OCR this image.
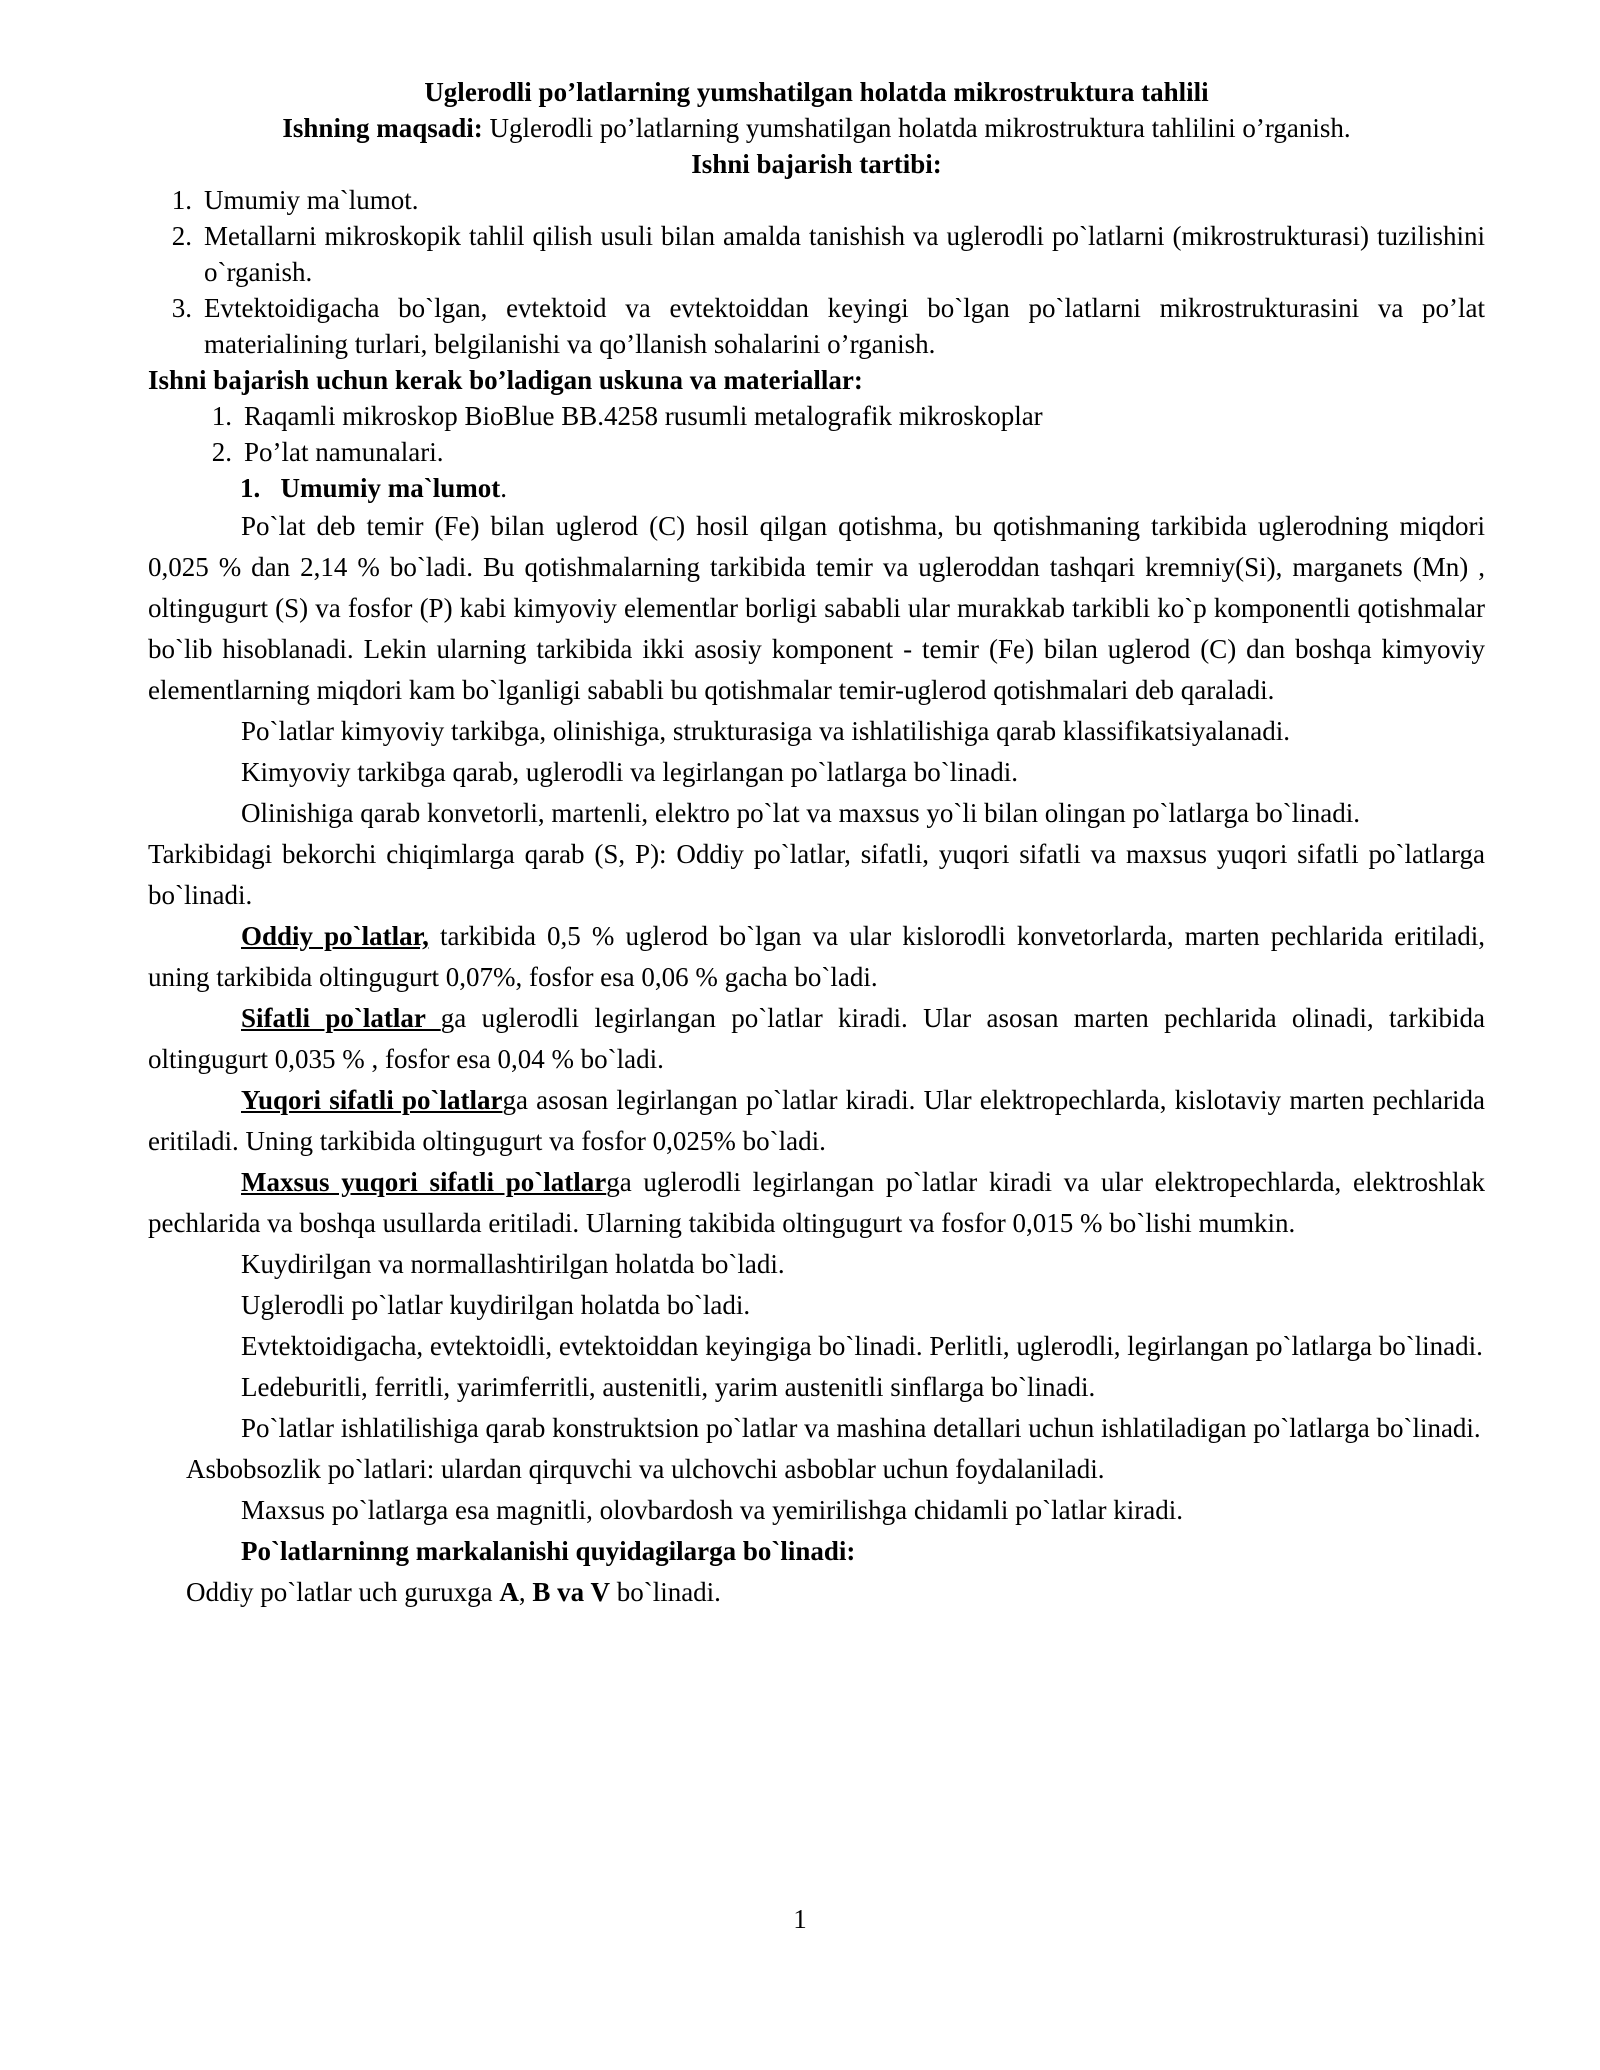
Uglerodli po’latlarning yumshatilgan holatda mikrostruktura tahlili

Ishning maqsadi: Uglerodli po’latlarning yumshatilgan holatda mikrostruktura tahlilini o’rganish.

Ishni bajarish tartibi:

1. Umumiy ma`lumot.
2. Metallarni mikroskopik tahlil qilish usuli bilan amalda tanishish va uglerodli po`latlarni (mikrostrukturasi) tuzilishini o`rganish.
3. Evtektoidigacha bo`lgan, evtektoid va evtektoiddan keyingi bo`lgan po`latlarni mikrostrukturasini va po’lat materialining turlari, belgilanishi va qo’llanish sohalarini o’rganish.

Ishni bajarish uchun kerak bo’ladigan uskuna va materiallar:

1. Raqamli mikroskop BioBlue BB.4258 rusumli metalografik mikroskoplar
2. Po’lat namunalari.

1. Umumiy ma`lumot.

Po`lat deb temir (Fe) bilan uglerod (C) hosil qilgan qotishma, bu qotishmaning tarkibida uglerodning miqdori 0,025 % dan 2,14 % bo`ladi. Bu qotishmalarning tarkibida temir va ugleroddan tashqari kremniy(Si), marganets (Mn) , oltingugurt (S) va fosfor (P) kabi kimyoviy elementlar borligi sababli ular murakkab tarkibli ko`p komponentli qotishmalar bo`lib hisoblanadi. Lekin ularning tarkibida ikki asosiy komponent - temir (Fe) bilan uglerod (C) dan boshqa kimyoviy elementlarning miqdori kam bo`lganligi sababli bu qotishmalar temir-uglerod qotishmalari deb qaraladi.

Po`latlar kimyoviy tarkibga, olinishiga, strukturasiga va ishlatilishiga qarab klassifikatsiyalanadi.

Kimyoviy tarkibga qarab, uglerodli va legirlangan po`latlarga bo`linadi.

Olinishiga qarab konvetorli, martenli, elektro po`lat va maxsus yo`li bilan olingan po`latlarga bo`linadi.

Tarkibidagi bekorchi chiqimlarga qarab (S, P): Oddiy po`latlar, sifatli, yuqori sifatli va maxsus yuqori sifatli po`latlarga bo`linadi.

Oddiy po`latlar, tarkibida 0,5 % uglerod bo`lgan va ular kislorodli konvetorlarda, marten pechlarida eritiladi, uning tarkibida oltingugurt 0,07%, fosfor esa 0,06 % gacha bo`ladi.

Sifatli po`latlar ga uglerodli legirlangan po`latlar kiradi. Ular asosan marten pechlarida olinadi, tarkibida oltingugurt 0,035 % , fosfor esa 0,04 % bo`ladi.

Yuqori sifatli po`latlarga asosan legirlangan po`latlar kiradi. Ular elektropechlarda, kislotaviy marten pechlarida eritiladi. Uning tarkibida oltingugurt va fosfor 0,025% bo`ladi.

Maxsus yuqori sifatli po`latlarga uglerodli legirlangan po`latlar kiradi va ular elektropechlarda, elektroshlak pechlarida va boshqa usullarda eritiladi. Ularning takibida oltingugurt va fosfor 0,015 % bo`lishi mumkin.

Kuydirilgan va normallashtirilgan holatda bo`ladi.

Uglerodli po`latlar kuydirilgan holatda bo`ladi.

Evtektoidigacha, evtektoidli, evtektoiddan keyingiga bo`linadi. Perlitli, uglerodli, legirlangan po`latlarga bo`linadi.

Ledeburitli, ferritli, yarimferritli, austenitli, yarim austenitli sinflarga bo`linadi.

Po`latlar ishlatilishiga qarab konstruktsion po`latlar va mashina detallari uchun ishlatiladigan po`latlarga bo`linadi.

Asbobsozlik po`latlari: ulardan qirquvchi va ulchovchi asboblar uchun foydalaniladi.

Maxsus po`latlarga esa magnitli, olovbardosh va yemirilishga chidamli po`latlar kiradi.

Po`latlarninng markalanishi quyidagilarga bo`linadi:

Oddiy po`latlar uch guruxga A, B va V bo`linadi.

1
